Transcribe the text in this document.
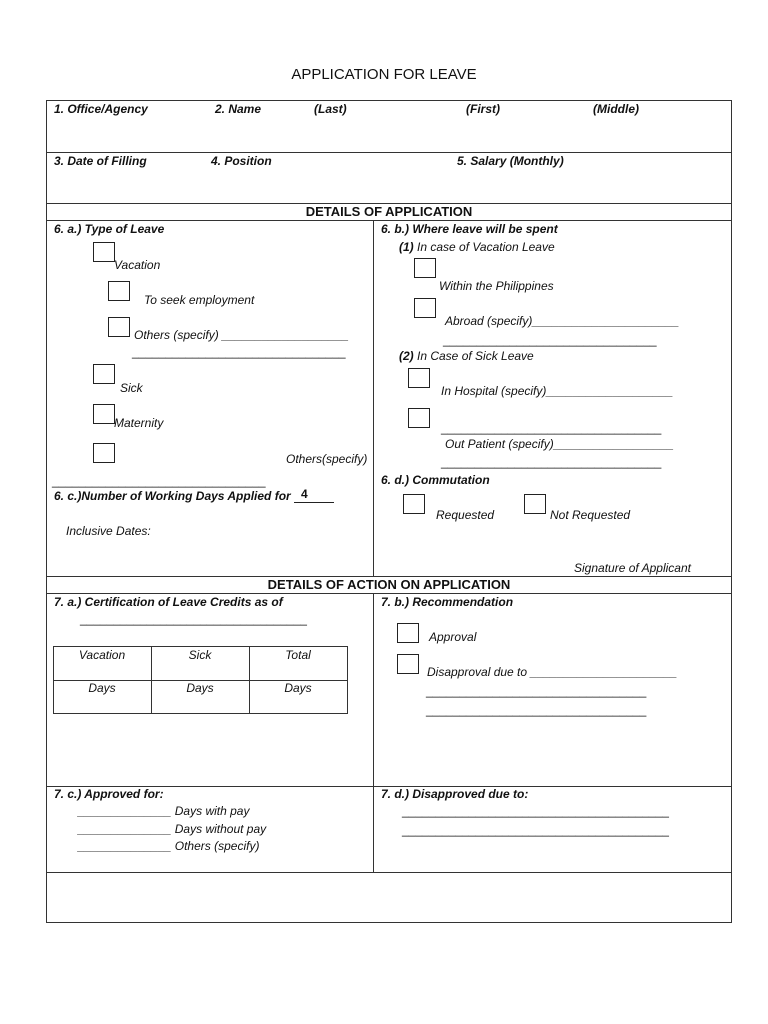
APPLICATION FOR LEAVE
1. Office/Agency	2. Name	(Last)	(First)	(Middle)
3. Date of Filling	4. Position	5. Salary (Monthly)
DETAILS OF APPLICATION
6. a.) Type of Leave
Vacation
To seek employment
Others (specify) ___________________
________________________________
Sick
Maternity
Others(specify)
________________________________
6. c.)Number of Working Days Applied for 4
Inclusive Dates:
6. b.) Where leave will be spent
(1) In case of Vacation Leave
Within the Philippines
Abroad (specify)______________________
________________________________
(2) In Case of Sick Leave
In Hospital (specify)___________________
_________________________________
Out Patient (specify)__________________
_________________________________
6. d.) Commutation
Requested	Not Requested
Signature of Applicant
DETAILS OF ACTION ON APPLICATION
7. a.) Certification of Leave Credits as of
__________________________________
Vacation	Sick	Total
Days	Days	Days
7. b.) Recommendation
Approval
Disapproval due to ______________________
_________________________________
_________________________________
7. c.) Approved for:
______________ Days with pay
______________ Days without pay
______________ Others (specify)
7. d.) Disapproved due to:
________________________________________
________________________________________
